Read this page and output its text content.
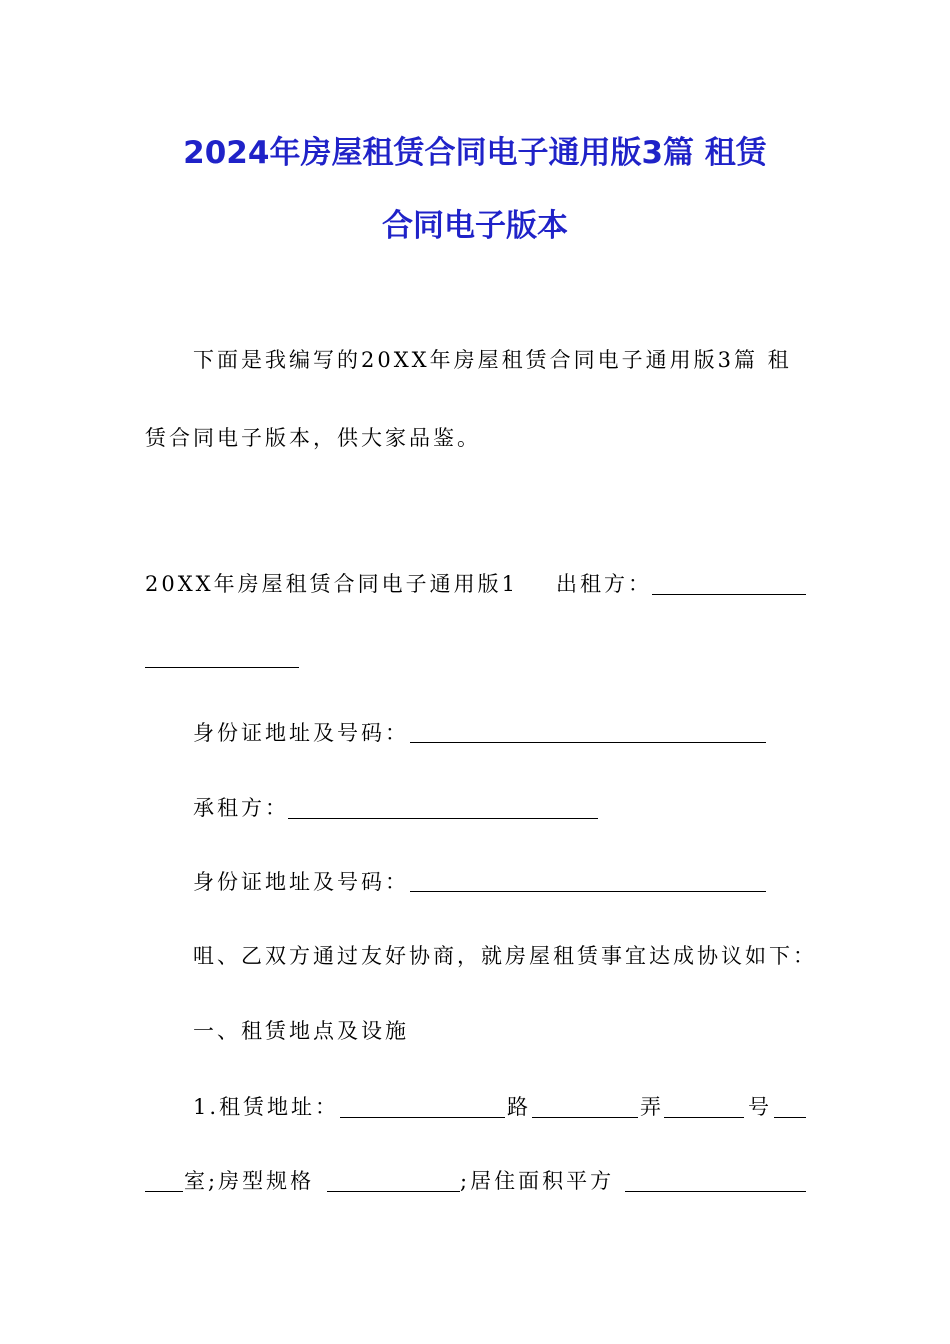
2024年房屋租赁合同电子通用版3篇 租赁
合同电子版本
下面是我编写的20XX年房屋租赁合同电子通用版3篇 租
赁合同电子版本，供大家品鉴。
20XX年房屋租赁合同电子通用版1 出租方：
身份证地址及号码：
承租方：
身份证地址及号码：
咀、乙双方通过友好协商，就房屋租赁事宜达成协议如下：
一、租赁地点及设施
1.租赁地址：	路	弄	号
室;房型规格	;居住面积平方
